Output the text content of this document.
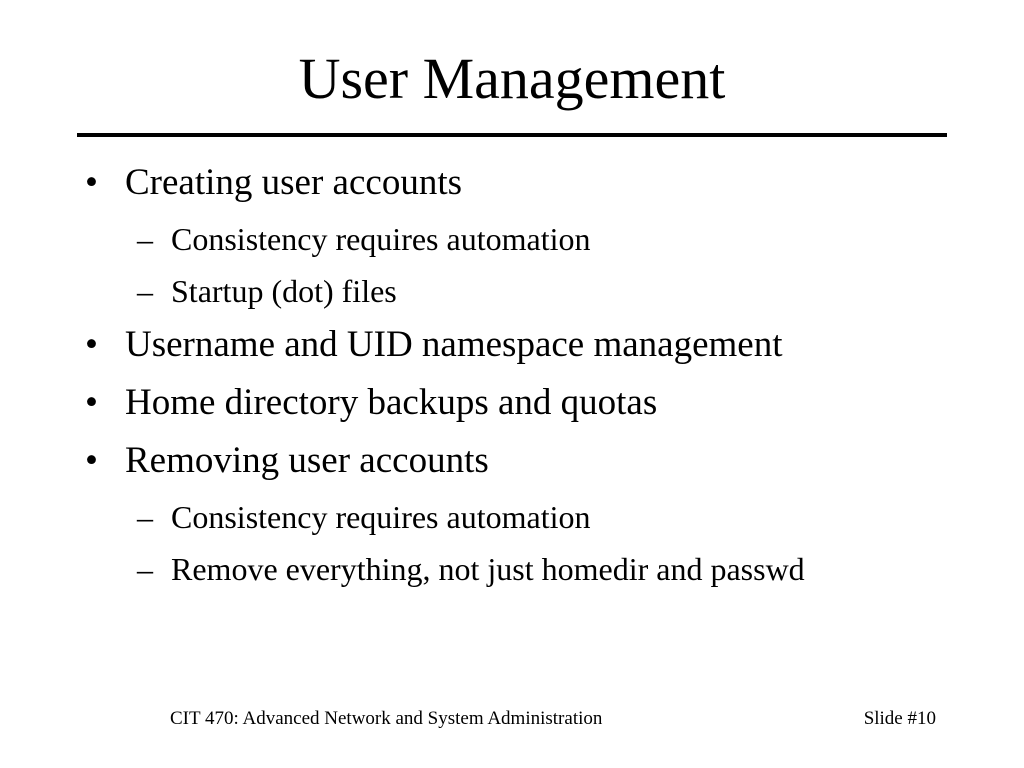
User Management
• Creating user accounts
– Consistency requires automation
– Startup (dot) files
• Username and UID namespace management
• Home directory backups and quotas
• Removing user accounts
– Consistency requires automation
– Remove everything, not just homedir and passwd
CIT 470: Advanced Network and System Administration	Slide #10
